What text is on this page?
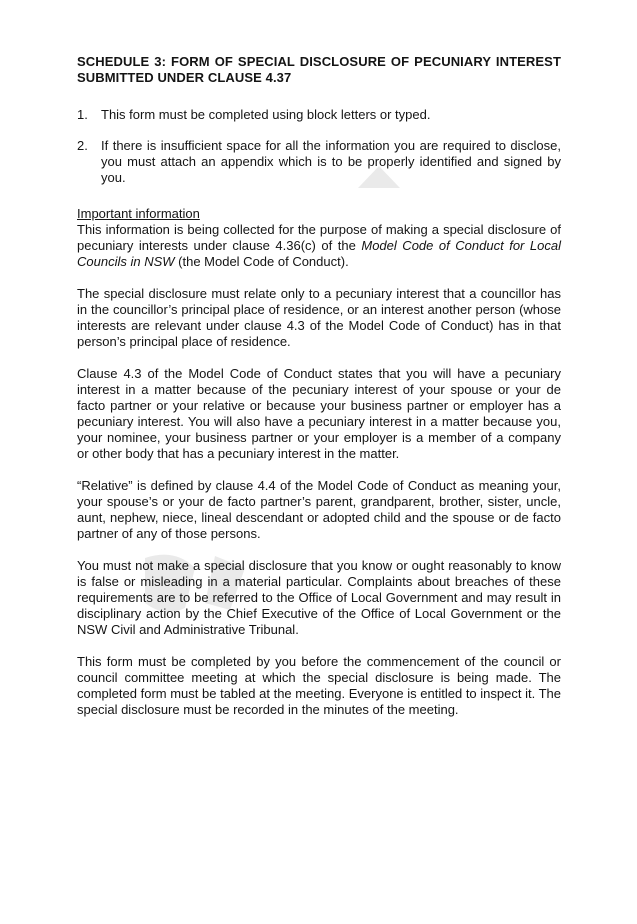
SCHEDULE 3: FORM OF SPECIAL DISCLOSURE OF PECUNIARY INTEREST SUBMITTED UNDER CLAUSE 4.37
1.	This form must be completed using block letters or typed.
2.	If there is insufficient space for all the information you are required to disclose, you must attach an appendix which is to be properly identified and signed by you.
Important information

This information is being collected for the purpose of making a special disclosure of pecuniary interests under clause 4.36(c) of the Model Code of Conduct for Local Councils in NSW (the Model Code of Conduct).

The special disclosure must relate only to a pecuniary interest that a councillor has in the councillor’s principal place of residence, or an interest another person (whose interests are relevant under clause 4.3 of the Model Code of Conduct) has in that person’s principal place of residence.

Clause 4.3 of the Model Code of Conduct states that you will have a pecuniary interest in a matter because of the pecuniary interest of your spouse or your de facto partner or your relative or because your business partner or employer has a pecuniary interest. You will also have a pecuniary interest in a matter because you, your nominee, your business partner or your employer is a member of a company or other body that has a pecuniary interest in the matter.

“Relative” is defined by clause 4.4 of the Model Code of Conduct as meaning your, your spouse’s or your de facto partner’s parent, grandparent, brother, sister, uncle, aunt, nephew, niece, lineal descendant or adopted child and the spouse or de facto partner of any of those persons.

You must not make a special disclosure that you know or ought reasonably to know is false or misleading in a material particular. Complaints about breaches of these requirements are to be referred to the Office of Local Government and may result in disciplinary action by the Chief Executive of the Office of Local Government or the NSW Civil and Administrative Tribunal.

This form must be completed by you before the commencement of the council or council committee meeting at which the special disclosure is being made. The completed form must be tabled at the meeting. Everyone is entitled to inspect it. The special disclosure must be recorded in the minutes of the meeting.
